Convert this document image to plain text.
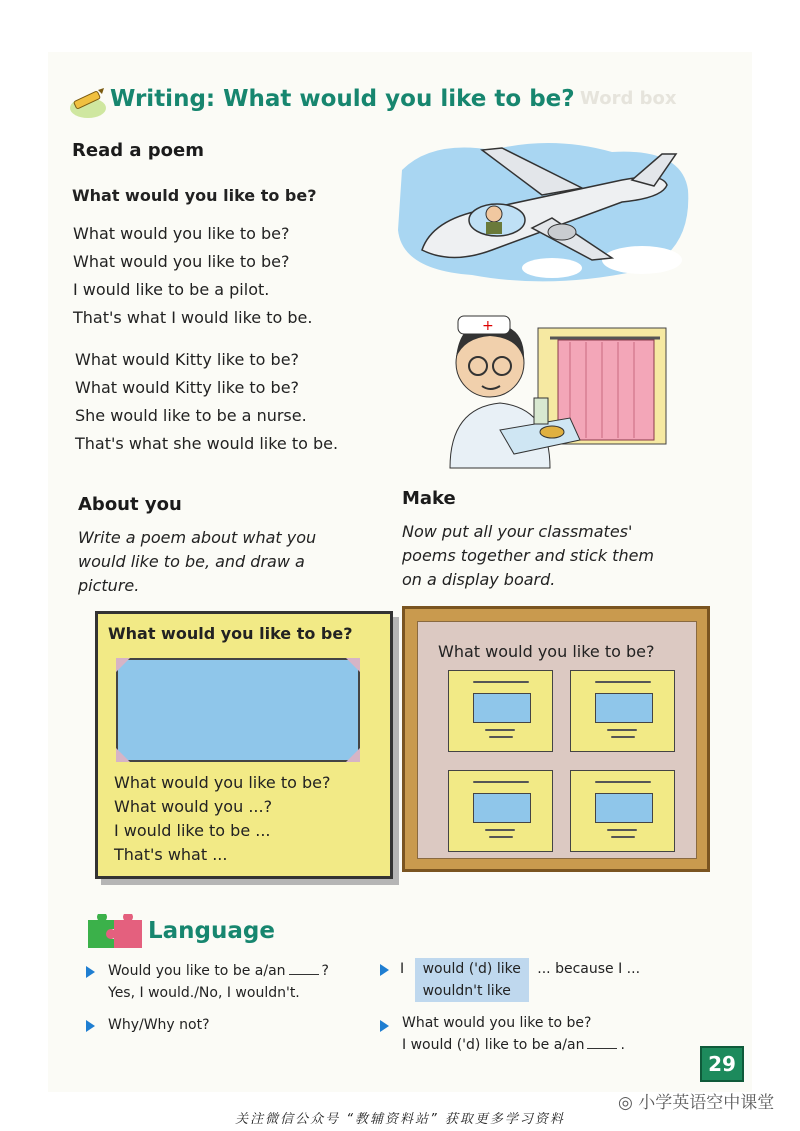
Writing: What would you like to be? Word box
Read a poem
What would you like to be?
What would you like to be?
What would you like to be?
I would like to be a pilot.
That's what I would like to be.
What would Kitty like to be?
What would Kitty like to be?
She would like to be a nurse.
That's what she would like to be.
+
About you
Write a poem about what you would like to be, and draw a picture.
Make
Now put all your classmates' poems together and stick them on a display board.
What would you like to be?
What would you like to be?
What would you ...?
I would like to be ...
That's what ...
What would you like to be?
Language
Would you like to be a/an	?
Yes, I would./No, I wouldn't.
Why/Why not?
I would ('d) like
wouldn't like
... because I ...
What would you like to be?
I would ('d) like to be a/an	.
29
◎ 小学英语空中课堂
关注微信公众号 “教辅资料站” 获取更多学习资料
